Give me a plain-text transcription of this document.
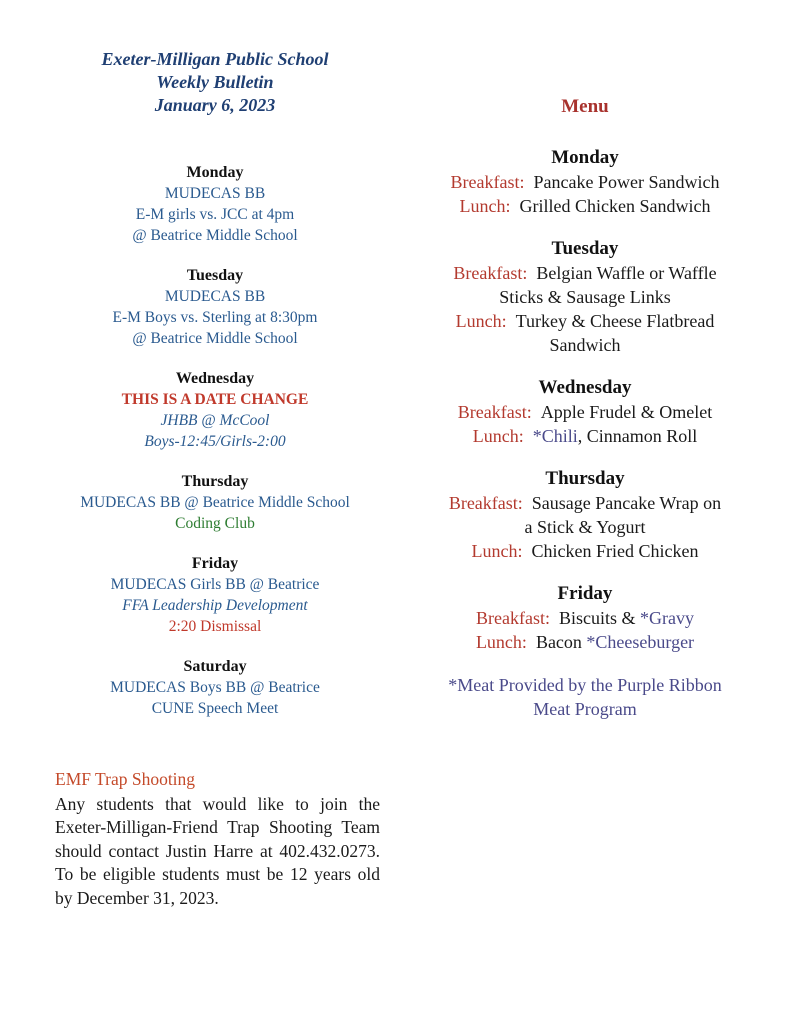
Exeter-Milligan Public School
Weekly Bulletin
January 6, 2023
Monday
MUDECAS BB
E-M girls vs. JCC at 4pm
@ Beatrice Middle School
Tuesday
MUDECAS BB
E-M Boys vs. Sterling at 8:30pm
@ Beatrice Middle School
Wednesday
THIS IS A DATE CHANGE
JHBB @ McCool
Boys-12:45/Girls-2:00
Thursday
MUDECAS BB @ Beatrice Middle School
Coding Club
Friday
MUDECAS Girls BB @ Beatrice
FFA Leadership Development
2:20 Dismissal
Saturday
MUDECAS Boys BB @ Beatrice
CUNE Speech Meet
EMF Trap Shooting
Any students that would like to join the Exeter-Milligan-Friend Trap Shooting Team should contact Justin Harre at 402.432.0273. To be eligible students must be 12 years old by December 31, 2023.
Menu
Monday
Breakfast: Pancake Power Sandwich
Lunch: Grilled Chicken Sandwich
Tuesday
Breakfast: Belgian Waffle or Waffle
Sticks & Sausage Links
Lunch: Turkey & Cheese Flatbread
Sandwich
Wednesday
Breakfast: Apple Frudel & Omelet
Lunch: *Chili, Cinnamon Roll
Thursday
Breakfast: Sausage Pancake Wrap on
a Stick & Yogurt
Lunch: Chicken Fried Chicken
Friday
Breakfast: Biscuits & *Gravy
Lunch: Bacon *Cheeseburger
*Meat Provided by the Purple Ribbon
Meat Program
